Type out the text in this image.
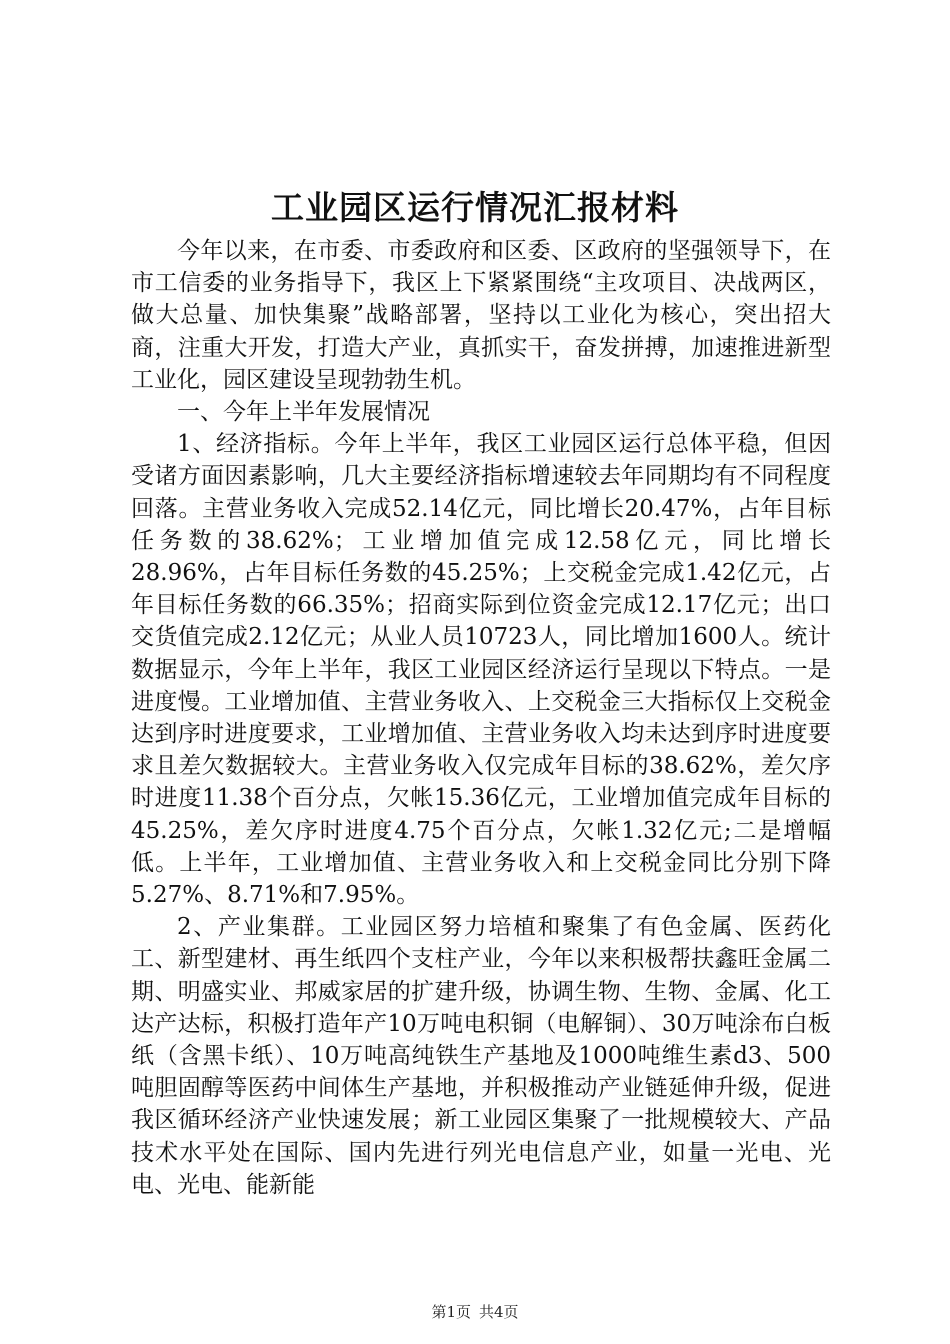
工业园区运行情况汇报材料

今年以来，在市委、市委政府和区委、区政府的坚强领导下，在市工信委的业务指导下，我区上下紧紧围绕“主攻项目、决战两区，做大总量、加快集聚”战略部署，坚持以工业化为核心，突出招大商，注重大开发，打造大产业，真抓实干，奋发拼搏，加速推进新型工业化，园区建设呈现勃勃生机。

一、今年上半年发展情况

1、经济指标。今年上半年，我区工业园区运行总体平稳，但因受诸方面因素影响，几大主要经济指标增速较去年同期均有不同程度回落。主营业务收入完成52.14亿元，同比增长20.47%，占年目标任务数的38.62%；工业增加值完成12.58亿元，同比增长28.96%，占年目标任务数的45.25%；上交税金完成1.42亿元，占年目标任务数的66.35%；招商实际到位资金完成12.17亿元；出口交货值完成2.12亿元；从业人员10723人，同比增加1600人。统计数据显示，今年上半年，我区工业园区经济运行呈现以下特点。一是进度慢。工业增加值、主营业务收入、上交税金三大指标仅上交税金达到序时进度要求，工业增加值、主营业务收入均未达到序时进度要求且差欠数据较大。主营业务收入仅完成年目标的38.62%，差欠序时进度11.38个百分点，欠帐15.36亿元，工业增加值完成年目标的45.25%，差欠序时进度4.75个百分点，欠帐1.32亿元;二是增幅低。上半年，工业增加值、主营业务收入和上交税金同比分别下降5.27%、8.71%和7.95%。

2、产业集群。工业园区努力培植和聚集了有色金属、医药化工、新型建材、再生纸四个支柱产业，今年以来积极帮扶鑫旺金属二期、明盛实业、邦威家居的扩建升级，协调生物、生物、金属、化工达产达标，积极打造年产10万吨电积铜（电解铜）、30万吨涂布白板纸（含黑卡纸）、10万吨高纯铁生产基地及1000吨维生素d3、500吨胆固醇等医药中间体生产基地，并积极推动产业链延伸升级，促进我区循环经济产业快速发展；新工业园区集聚了一批规模较大、产品技术水平处在国际、国内先进行列光电信息产业，如量一光电、光电、光电、能新能

第1页 共4页
